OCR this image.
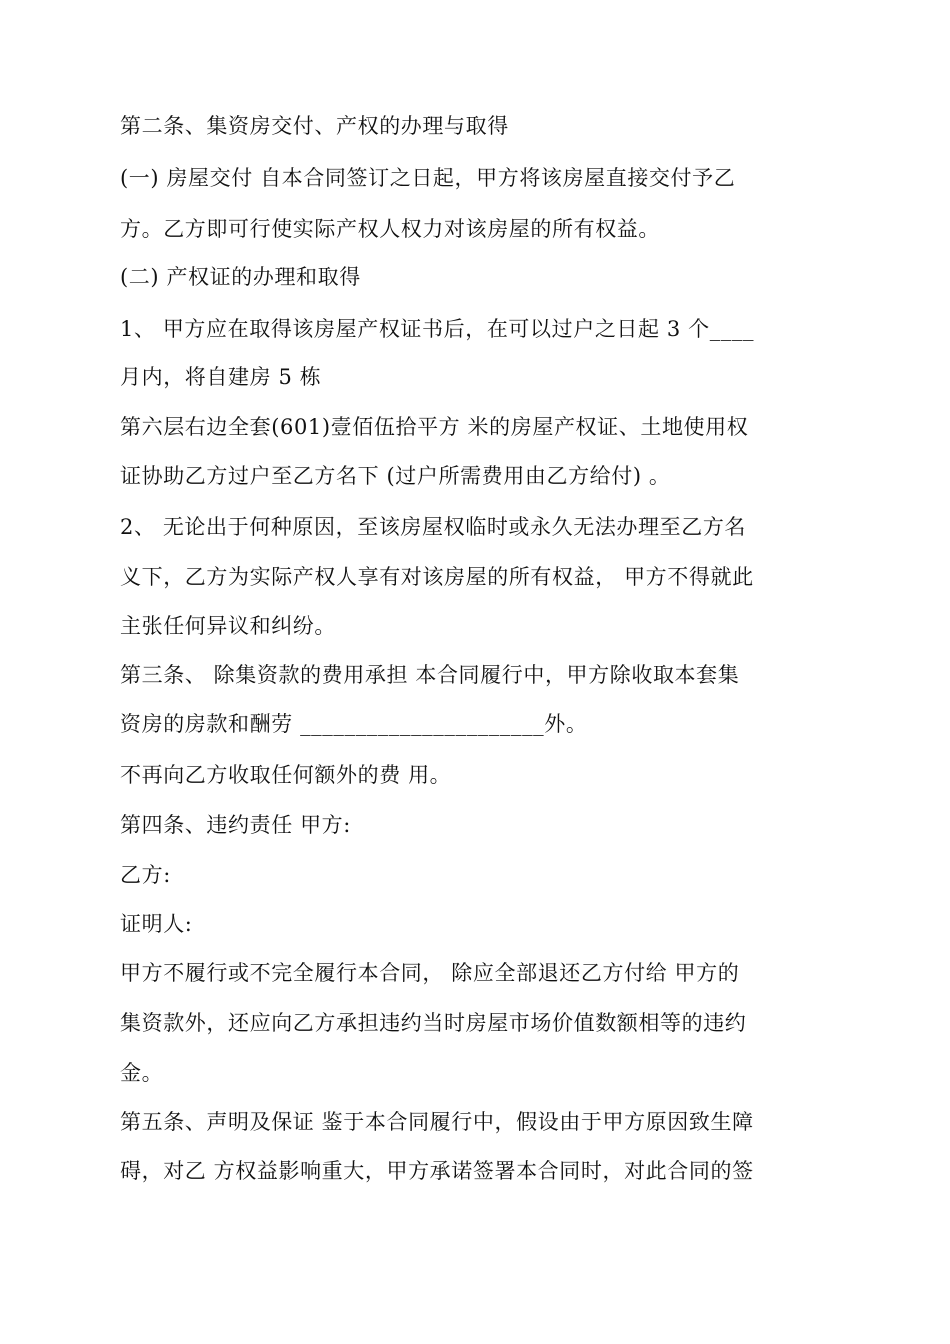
第二条、集资房交付、产权的办理与取得
(一) 房屋交付 自本合同签订之日起，甲方将该房屋直接交付予乙
方。乙方即可行使实际产权人权力对该房屋的所有权益。
(二) 产权证的办理和取得
1、 甲方应在取得该房屋产权证书后，在可以过户之日起 3 个____
月内，将自建房 5 栋
第六层右边全套(601)壹佰伍拾平方 米的房屋产权证、土地使用权
证协助乙方过户至乙方名下 (过户所需费用由乙方给付) 。
2、 无论出于何种原因，至该房屋权临时或永久无法办理至乙方名
义下，乙方为实际产权人享有对该房屋的所有权益， 甲方不得就此
主张任何异议和纠纷。
第三条、 除集资款的费用承担 本合同履行中，甲方除收取本套集
资房的房款和酬劳 ______________________外。
不再向乙方收取任何额外的费 用。
第四条、违约责任 甲方:
乙方:
证明人:
甲方不履行或不完全履行本合同， 除应全部退还乙方付给 甲方的
集资款外，还应向乙方承担违约当时房屋市场价值数额相等的违约
金。
第五条、声明及保证 鉴于本合同履行中，假设由于甲方原因致生障
碍，对乙 方权益影响重大，甲方承诺签署本合同时，对此合同的签
